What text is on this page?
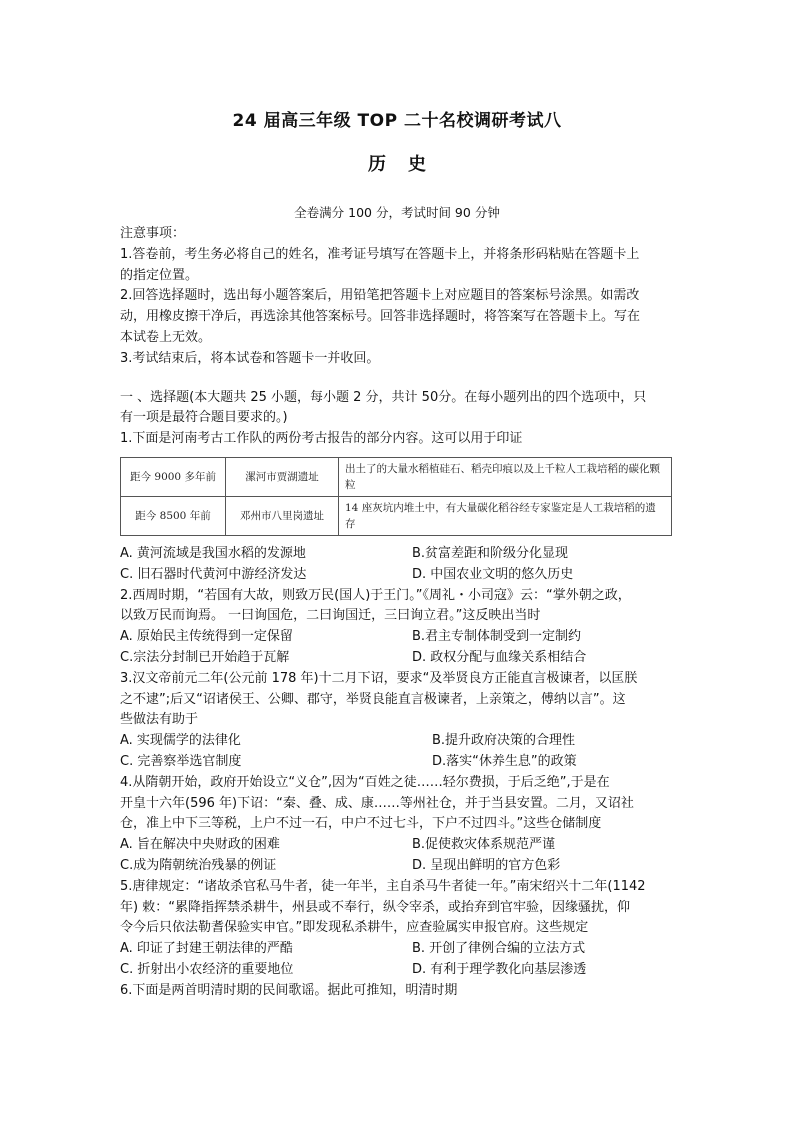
24 届高三年级 TOP 二十名校调研考试八
历史
全卷满分 100 分，考试时间 90 分钟
注意事项：
1.答卷前，考生务必将自己的姓名，准考证号填写在答题卡上，并将条形码粘贴在答题卡上
的指定位置。
2.回答选择题时，选出每小题答案后，用铅笔把答题卡上对应题目的答案标号涂黑。如需改
动，用橡皮擦干净后，再选涂其他答案标号。回答非选择题时，将答案写在答题卡上。写在
本试卷上无效。
3.考试结束后，将本试卷和答题卡一并收回。
一 、选择题(本大题共 25 小题，每小题 2 分，共计 50分。在每小题列出的四个选项中，只
有一项是最符合题目要求的。)
1.下面是河南考古工作队的两份考古报告的部分内容。这可以用于印证
距今 9000 多年前	漯河市贾湖遗址	出土了的大量水稻植硅石、稻壳印痕以及上千粒人工栽培稻的碳化颗粒
距今 8500 年前	邓州市八里岗遗址	14 座灰坑内堆土中，有大量碳化稻谷经专家鉴定是人工栽培稻的遗存
A. 黄河流域是我国水稻的发源地	B.贫富差距和阶级分化显现
C. 旧石器时代黄河中游经济发达	D. 中国农业文明的悠久历史
2.西周时期，“若国有大故，则致万民(国人)于王门。”《周礼・小司寇》云：“掌外朝之政，
以致万民而询焉。 一曰询国危，二曰询国迁，三曰询立君。”这反映出当时
A. 原始民主传统得到一定保留	B.君主专制体制受到一定制约
C.宗法分封制已开始趋于瓦解	D. 政权分配与血缘关系相结合
3.汉文帝前元二年(公元前 178 年)十二月下诏，要求“及举贤良方正能直言极谏者，以匡朕
之不逮”;后又“诏诸侯王、公卿、郡守，举贤良能直言极谏者，上亲策之，傅纳以言”。这
些做法有助于
A. 实现儒学的法律化	B.提升政府决策的合理性
C. 完善察举选官制度	D.落实“休养生息”的政策
4.从隋朝开始，政府开始设立“义仓”,因为“百姓之徒……轻尔费损，于后乏绝”,于是在
开皇十六年(596 年)下诏：“秦、叠、成、康……等州社仓，并于当县安置。二月，又诏社
仓，准上中下三等税，上户不过一石，中户不过七斗，下户不过四斗。”这些仓储制度
A. 旨在解决中央财政的困难	B.促使救灾体系规范严谨
C.成为隋朝统治残暴的例证	D. 呈现出鲜明的官方色彩
5.唐律规定：“诸故杀官私马牛者，徒一年半，主自杀马牛者徒一年。”南宋绍兴十二年(1142
年) 敕：“累降指挥禁杀耕牛，州县或不奉行，纵令宰杀，或抬弃到官牢验，因缘骚扰，仰
令今后只依法勒耆保验实申官。”即发现私杀耕牛，应查验属实申报官府。这些规定
A. 印证了封建王朝法律的严酷	B. 开创了律例合编的立法方式
C. 折射出小农经济的重要地位	D. 有利于理学教化向基层渗透
6.下面是两首明清时期的民间歌谣。据此可推知，明清时期
